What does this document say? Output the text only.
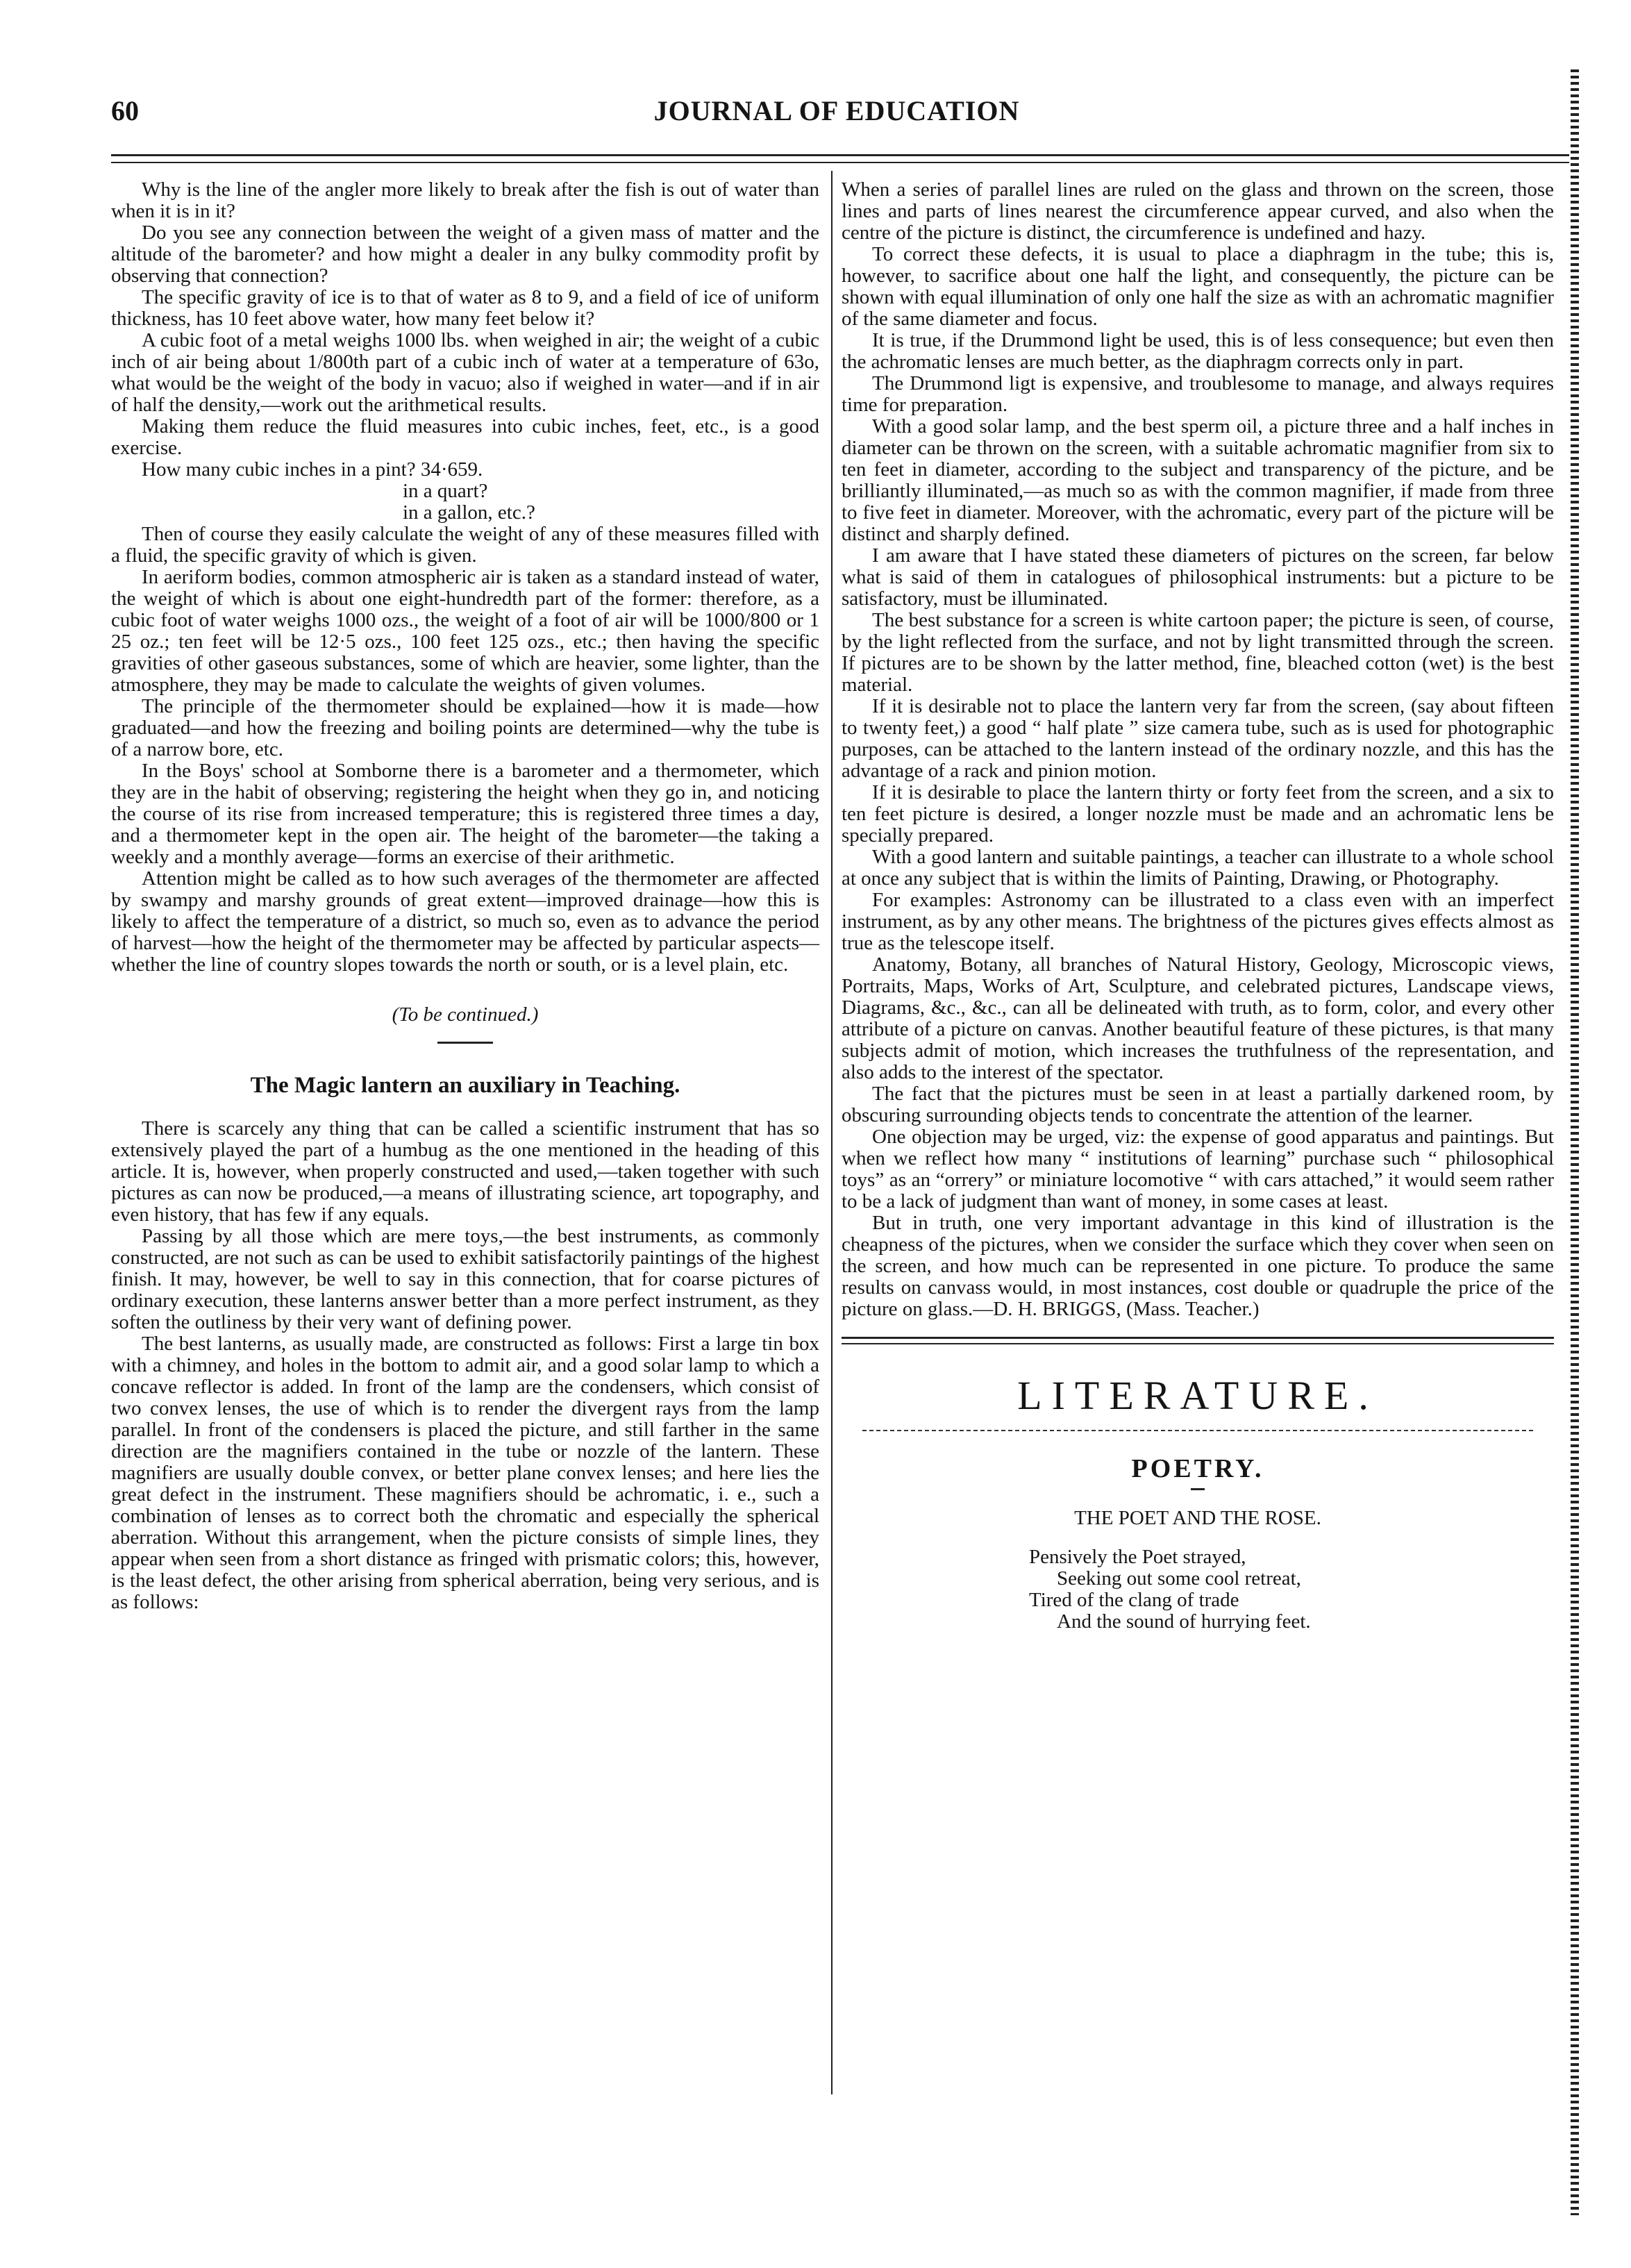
60	JOURNAL OF EDUCATION

Why is the line of the angler more likely to break after the fish is out of water than when it is in it?

Do you see any connection between the weight of a given mass of matter and the altitude of the barometer? and how might a dealer in any bulky commodity profit by observing that connection?

The specific gravity of ice is to that of water as 8 to 9, and a field of ice of uniform thickness, has 10 feet above water, how many feet below it?

A cubic foot of a metal weighs 1000 lbs. when weighed in air; the weight of a cubic inch of air being about 1/800th part of a cubic inch of water at a temperature of 63o, what would be the weight of the body in vacuo; also if weighed in water—and if in air of half the density,—work out the arithmetical results.

Making them reduce the fluid measures into cubic inches, feet, etc., is a good exercise.

How many cubic inches in a pint? 34·659.

in a quart?

in a gallon, etc.?

Then of course they easily calculate the weight of any of these measures filled with a fluid, the specific gravity of which is given.

In aeriform bodies, common atmospheric air is taken as a standard instead of water, the weight of which is about one eight-hundredth part of the former: therefore, as a cubic foot of water weighs 1000 ozs., the weight of a foot of air will be 1000/800 or 1 25 oz.; ten feet will be 12·5 ozs., 100 feet 125 ozs., etc.; then having the specific gravities of other gaseous substances, some of which are heavier, some lighter, than the atmosphere, they may be made to calculate the weights of given volumes.

The principle of the thermometer should be explained—how it is made—how graduated—and how the freezing and boiling points are determined—why the tube is of a narrow bore, etc.

In the Boys' school at Somborne there is a barometer and a thermometer, which they are in the habit of observing; registering the height when they go in, and noticing the course of its rise from increased temperature; this is registered three times a day, and a thermometer kept in the open air. The height of the barometer—the taking a weekly and a monthly average—forms an exercise of their arithmetic.

Attention might be called as to how such averages of the thermometer are affected by swampy and marshy grounds of great extent—improved drainage—how this is likely to affect the temperature of a district, so much so, even as to advance the period of harvest—how the height of the thermometer may be affected by particular aspects—whether the line of country slopes towards the north or south, or is a level plain, etc.

(To be continued.)
The Magic lantern an auxiliary in Teaching.

There is scarcely any thing that can be called a scientific instrument that has so extensively played the part of a humbug as the one mentioned in the heading of this article. It is, however, when properly constructed and used,—taken together with such pictures as can now be produced,—a means of illustrating science, art topography, and even history, that has few if any equals.

Passing by all those which are mere toys,—the best instruments, as commonly constructed, are not such as can be used to exhibit satisfactorily paintings of the highest finish. It may, however, be well to say in this connection, that for coarse pictures of ordinary execution, these lanterns answer better than a more perfect instrument, as they soften the outliness by their very want of defining power.

The best lanterns, as usually made, are constructed as follows: First a large tin box with a chimney, and holes in the bottom to admit air, and a good solar lamp to which a concave reflector is added. In front of the lamp are the condensers, which consist of two convex lenses, the use of which is to render the divergent rays from the lamp parallel. In front of the condensers is placed the picture, and still farther in the same direction are the magnifiers contained in the tube or nozzle of the lantern. These magnifiers are usually double convex, or better plane convex lenses; and here lies the great defect in the instrument. These magnifiers should be achromatic, i. e., such a combination of lenses as to correct both the chromatic and especially the spherical aberration. Without this arrangement, when the picture consists of simple lines, they appear when seen from a short distance as fringed with prismatic colors; this, however, is the least defect, the other arising from spherical aberration, being very serious, and is as follows:

When a series of parallel lines are ruled on the glass and thrown on the screen, those lines and parts of lines nearest the circumference appear curved, and also when the centre of the picture is distinct, the circumference is undefined and hazy.

To correct these defects, it is usual to place a diaphragm in the tube; this is, however, to sacrifice about one half the light, and consequently, the picture can be shown with equal illumination of only one half the size as with an achromatic magnifier of the same diameter and focus.

It is true, if the Drummond light be used, this is of less consequence; but even then the achromatic lenses are much better, as the diaphragm corrects only in part.

The Drummond ligt is expensive, and troublesome to manage, and always requires time for preparation.

With a good solar lamp, and the best sperm oil, a picture three and a half inches in diameter can be thrown on the screen, with a suitable achromatic magnifier from six to ten feet in diameter, according to the subject and transparency of the picture, and be brilliantly illuminated,—as much so as with the common magnifier, if made from three to five feet in diameter. Moreover, with the achromatic, every part of the picture will be distinct and sharply defined.

I am aware that I have stated these diameters of pictures on the screen, far below what is said of them in catalogues of philosophical instruments: but a picture to be satisfactory, must be illuminated.

The best substance for a screen is white cartoon paper; the picture is seen, of course, by the light reflected from the surface, and not by light transmitted through the screen. If pictures are to be shown by the latter method, fine, bleached cotton (wet) is the best material.

If it is desirable not to place the lantern very far from the screen, (say about fifteen to twenty feet,) a good “ half plate ” size camera tube, such as is used for photographic purposes, can be attached to the lantern instead of the ordinary nozzle, and this has the advantage of a rack and pinion motion.

If it is desirable to place the lantern thirty or forty feet from the screen, and a six to ten feet picture is desired, a longer nozzle must be made and an achromatic lens be specially prepared.

With a good lantern and suitable paintings, a teacher can illustrate to a whole school at once any subject that is within the limits of Painting, Drawing, or Photography.

For examples: Astronomy can be illustrated to a class even with an imperfect instrument, as by any other means. The brightness of the pictures gives effects almost as true as the telescope itself.

Anatomy, Botany, all branches of Natural History, Geology, Microscopic views, Portraits, Maps, Works of Art, Sculpture, and celebrated pictures, Landscape views, Diagrams, &c., &c., can all be delineated with truth, as to form, color, and every other attribute of a picture on canvas. Another beautiful feature of these pictures, is that many subjects admit of motion, which increases the truthfulness of the representation, and also adds to the interest of the spectator.

The fact that the pictures must be seen in at least a partially darkened room, by obscuring surrounding objects tends to concentrate the attention of the learner.

One objection may be urged, viz: the expense of good apparatus and paintings. But when we reflect how many “ institutions of learning” purchase such “ philosophical toys” as an “orrery” or miniature locomotive “ with cars attached,” it would seem rather to be a lack of judgment than want of money, in some cases at least.

But in truth, one very important advantage in this kind of illustration is the cheapness of the pictures, when we consider the surface which they cover when seen on the screen, and how much can be represented in one picture. To produce the same results on canvass would, in most instances, cost double or quadruple the price of the picture on glass.—D. H. BRIGGS, (Mass. Teacher.)

LITERATURE.
POETRY.
THE POET AND THE ROSE.
Pensively the Poet strayed,
Seeking out some cool retreat,
Tired of the clang of trade
And the sound of hurrying feet.
